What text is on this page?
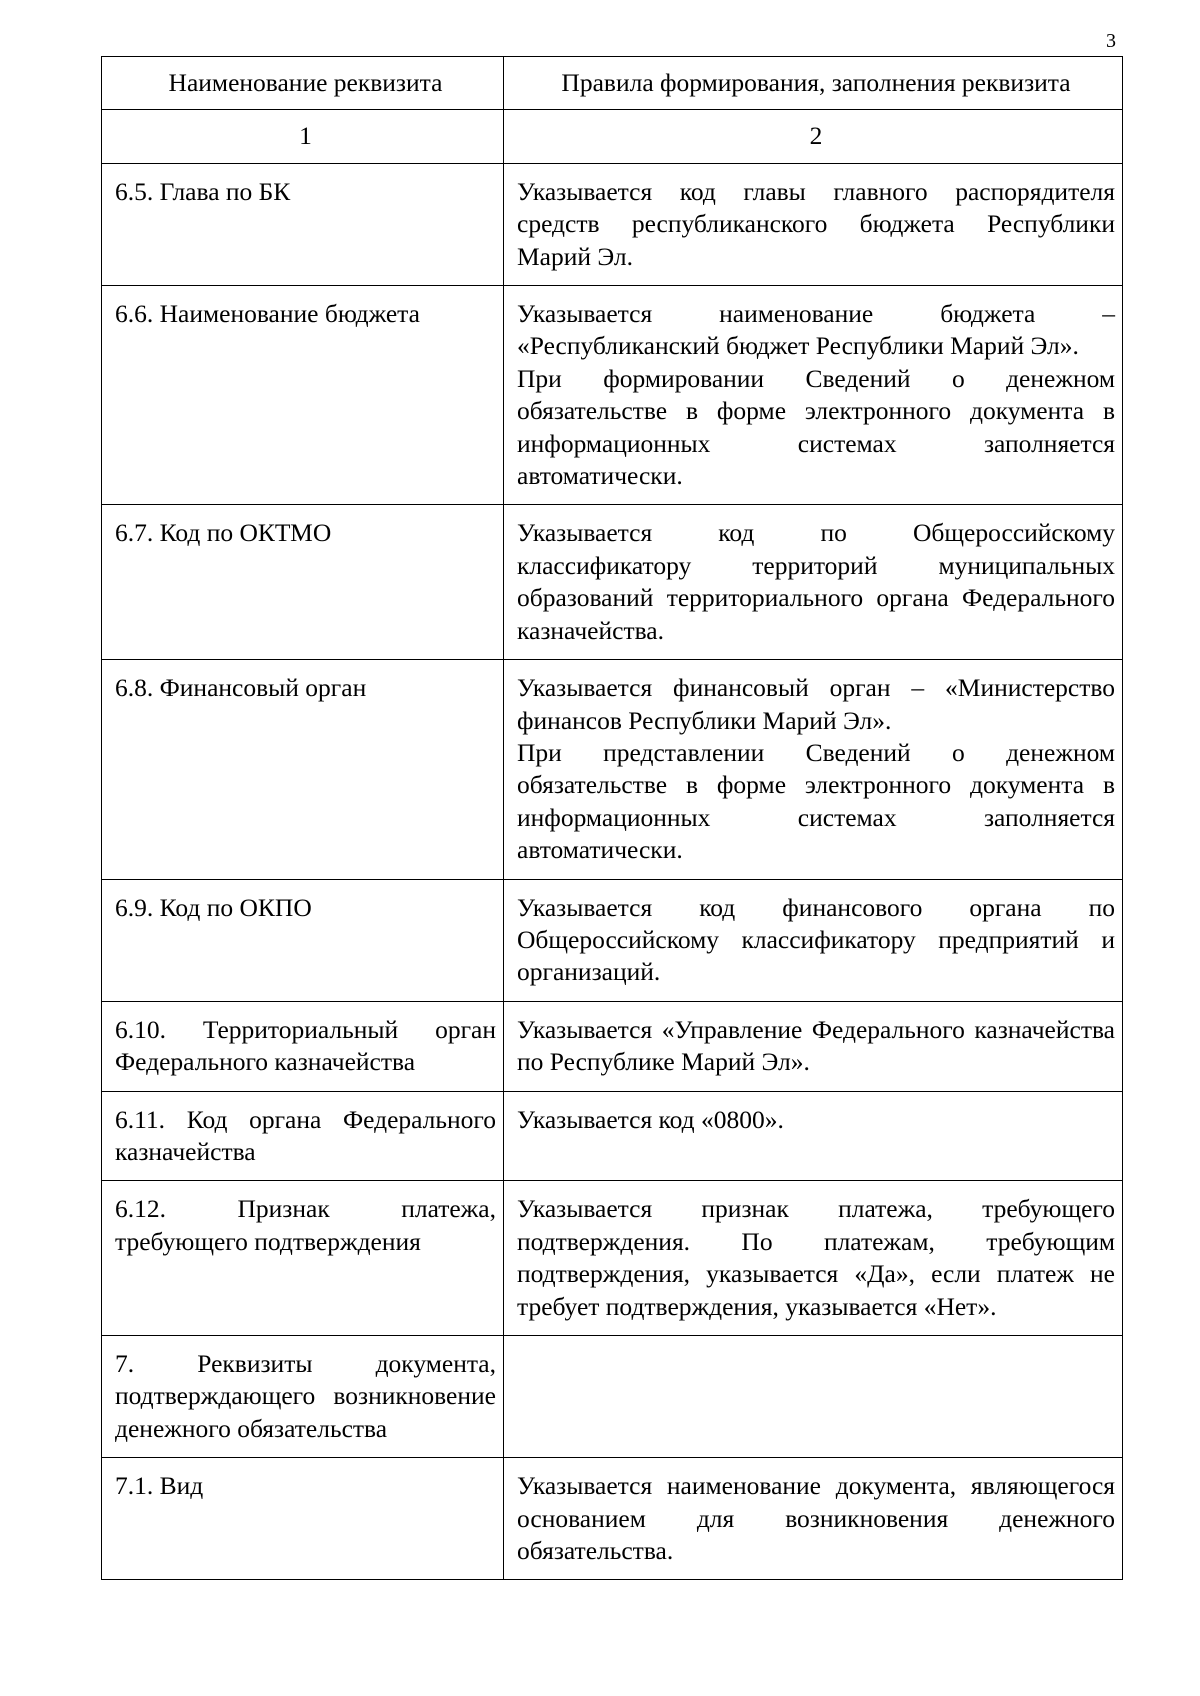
3
Наименование реквизита	Правила формирования, заполнения реквизита
1	2

6.5. Глава по БК	Указывается код главы главного распорядителя средств республиканского бюджета Республики Марий Эл.

6.6. Наименование бюджета	Указывается наименование бюджета – «Республиканский бюджет Республики Марий Эл».
При формировании Сведений о денежном обязательстве в форме электронного документа в информационных системах заполняется автоматически.

6.7. Код по ОКТМО	Указывается код по Общероссийскому классификатору территорий муниципальных образований территориального органа Федерального казначейства.

6.8. Финансовый орган	Указывается финансовый орган – «Министерство финансов Республики Марий Эл».
При представлении Сведений о денежном обязательстве в форме электронного документа в информационных системах заполняется автоматически.

6.9. Код по ОКПО	Указывается код финансового органа по Общероссийскому классификатору предприятий и организаций.

6.10. Территориальный орган Федерального казначейства	Указывается «Управление Федерального казначейства по Республике Марий Эл».

6.11. Код органа Федерального казначейства	Указывается код «0800».

6.12. Признак платежа, требующего подтверждения	Указывается признак платежа, требующего подтверждения. По платежам, требующим подтверждения, указывается «Да», если платеж не требует подтверждения, указывается «Нет».

7. Реквизиты документа, подтверждающего возникновение денежного обязательства	

7.1. Вид	Указывается наименование документа, являющегося основанием для возникновения денежного обязательства.
